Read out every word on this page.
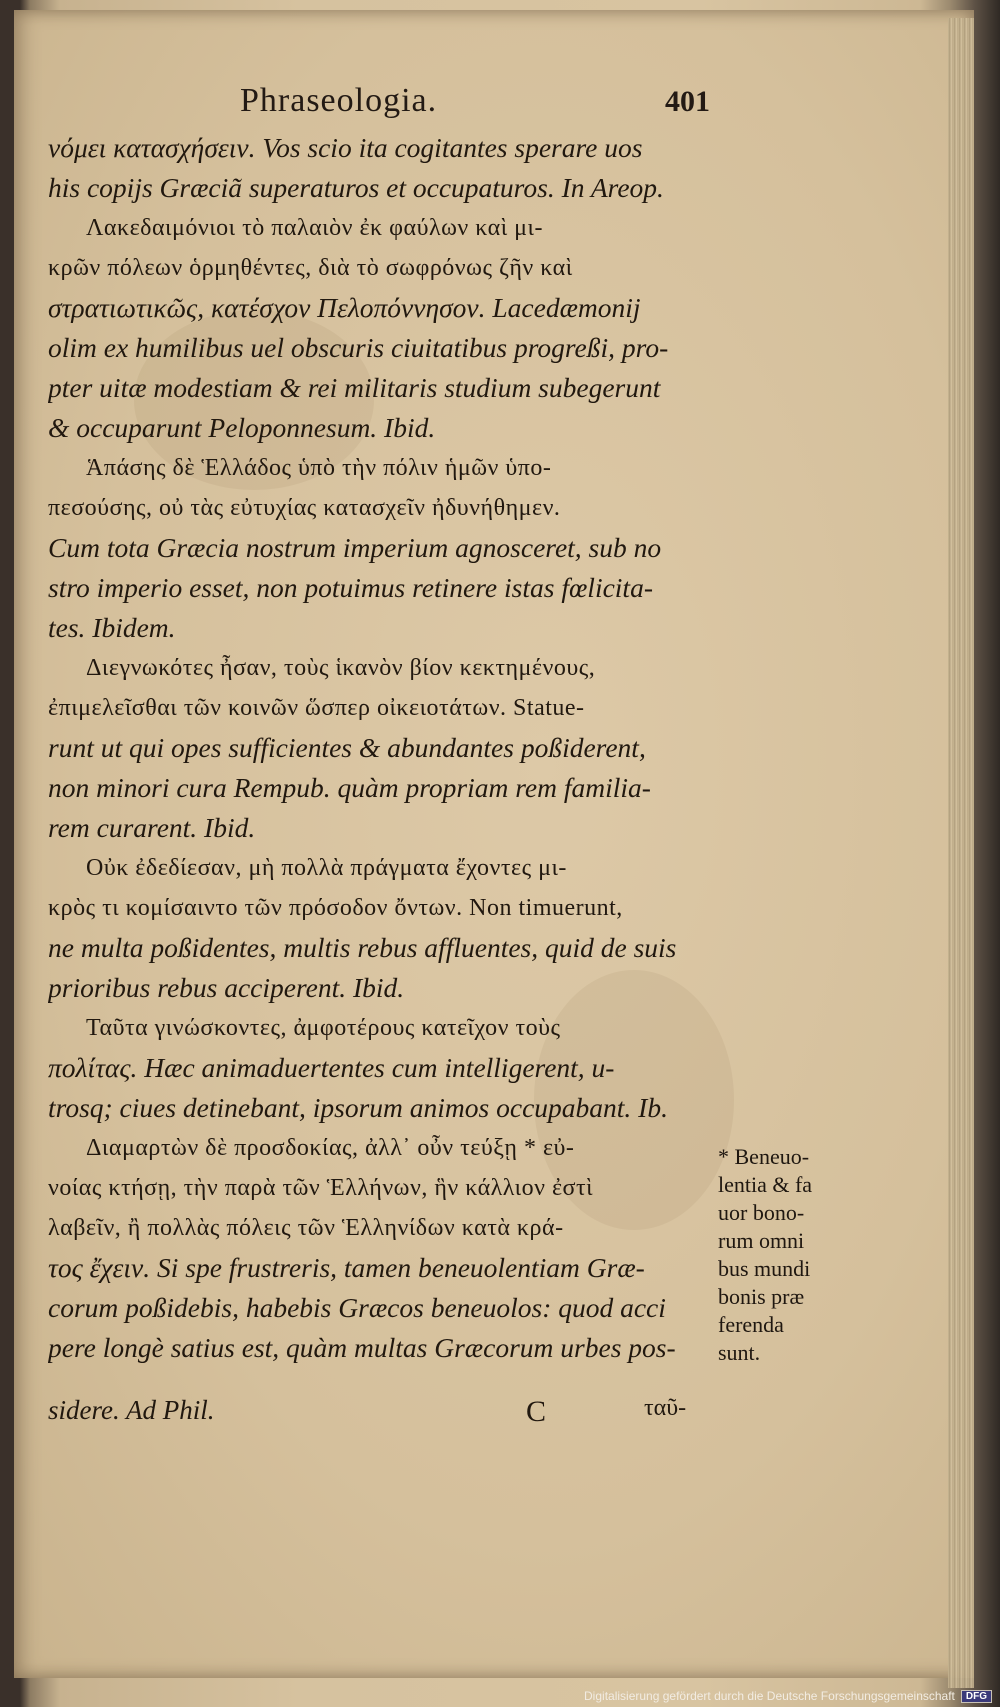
Phraseologia.	401
νόμει κατασχήσειν. Vos scio ita cogitantes sperare uos
his copijs Græciã superaturos et occupaturos. In Areop.
Λακεδαιμόνιοι τὸ παλαιὸν ἐκ φαύλων καὶ μι-
κρῶν πόλεων ὁρμηθέντες, διὰ τὸ σωφρόνως ζῆν καὶ
στρατιωτικῶς, κατέσχον Πελοπόννησον. Lacedæmonij
olim ex humilibus uel obscuris ciuitatibus progreßi, pro-
pter uitæ modestiam & rei militaris studium subegerunt
& occuparunt Peloponnesum. Ibid.
Ἁπάσης δὲ Ἑλλάδος ὑπὸ τὴν πόλιν ἡμῶν ὑπο-
πεσούσης, οὐ τὰς εὐτυχίας κατασχεῖν ἠδυνήθημεν.
Cum tota Græcia nostrum imperium agnosceret, sub no
stro imperio esset, non potuimus retinere istas fœlicita-
tes. Ibidem.
Διεγνωκότες ἦσαν, τοὺς ἱκανὸν βίον κεκτημένους,
ἐπιμελεῖσθαι τῶν κοινῶν ὥσπερ οἰκειοτάτων. Statue-
runt ut qui opes sufficientes & abundantes poßiderent,
non minori cura Rempub. quàm propriam rem familia-
rem curarent. Ibid.
Οὐκ ἐδεδίεσαν, μὴ πολλὰ πράγματα ἔχοντες μι-
κρὸς τι κομίσαιντο τῶν πρόσοδον ὄντων. Non timuerunt,
ne multa poßidentes, multis rebus affluentes, quid de suis
prioribus rebus acciperent. Ibid.
Ταῦτα γινώσκοντες, ἀμφοτέρους κατεῖχον τοὺς
πολίτας. Hæc animaduertentes cum intelligerent, u-
trosq; ciues detinebant, ipsorum animos occupabant. Ib.
Διαμαρτὼν δὲ προσδοκίας, ἀλλ᾽ οὖν τεύξῃ * εὐ-
νοίας κτήσῃ, τὴν παρὰ τῶν Ἑλλήνων, ἣν κάλλιον ἐστὶ
λαβεῖν, ἢ πολλὰς πόλεις τῶν Ἑλληνίδων κατὰ κρά-
τος ἔχειν. Si spe frustreris, tamen beneuolentiam Græ-
corum poßidebis, habebis Græcos beneuolos: quod acci
pere longè satius est, quàm multas Græcorum urbes pos-
sidere. Ad Phil.	C	ταῦ-
* Beneuo-
lentia & fa
uor bono-
rum omni
bus mundi
bonis præ
ferenda
sunt.
Digitalisierung gefördert durch die Deutsche Forschungsgemeinschaft	DFG
